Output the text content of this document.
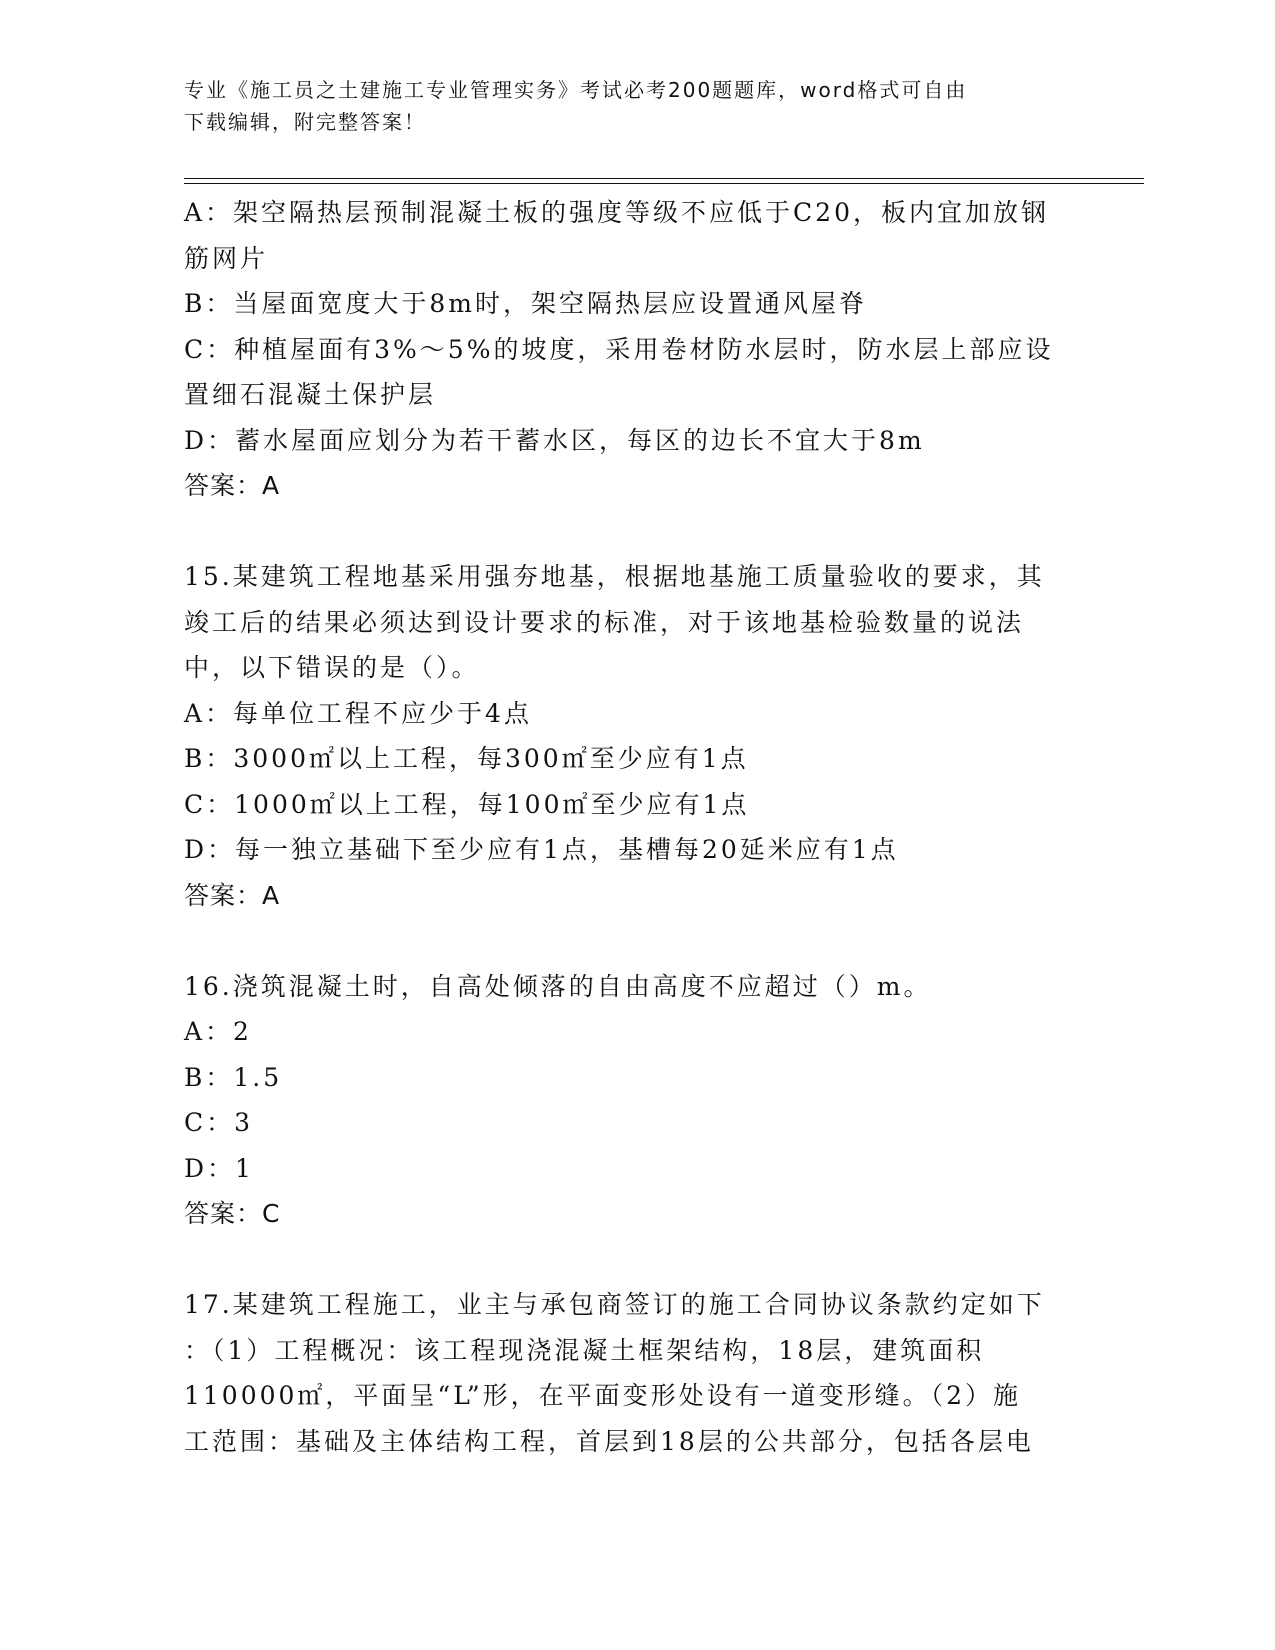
专业《施工员之土建施工专业管理实务》考试必考200题题库，word格式可自由
下载编辑，附完整答案！
A：架空隔热层预制混凝土板的强度等级不应低于C20，板内宜加放钢
筋网片
B：当屋面宽度大于8m时，架空隔热层应设置通风屋脊
C：种植屋面有3%～5%的坡度，采用卷材防水层时，防水层上部应设
置细石混凝土保护层
D：蓄水屋面应划分为若干蓄水区，每区的边长不宜大于8m
答案：A
15.某建筑工程地基采用强夯地基，根据地基施工质量验收的要求，其
竣工后的结果必须达到设计要求的标准，对于该地基检验数量的说法
中，以下错误的是（）。
A：每单位工程不应少于4点
B：3000㎡以上工程，每300㎡至少应有1点
C：1000㎡以上工程，每100㎡至少应有1点
D：每一独立基础下至少应有1点，基槽每20延米应有1点
答案：A
16.浇筑混凝土时，自高处倾落的自由高度不应超过（）m。
A：2
B：1.5
C：3
D：1
答案：C
17.某建筑工程施工，业主与承包商签订的施工合同协议条款约定如下
：（1）工程概况：该工程现浇混凝土框架结构，18层，建筑面积
110000㎡，平面呈“L”形，在平面变形处设有一道变形缝。（2）施
工范围：基础及主体结构工程，首层到18层的公共部分，包括各层电
